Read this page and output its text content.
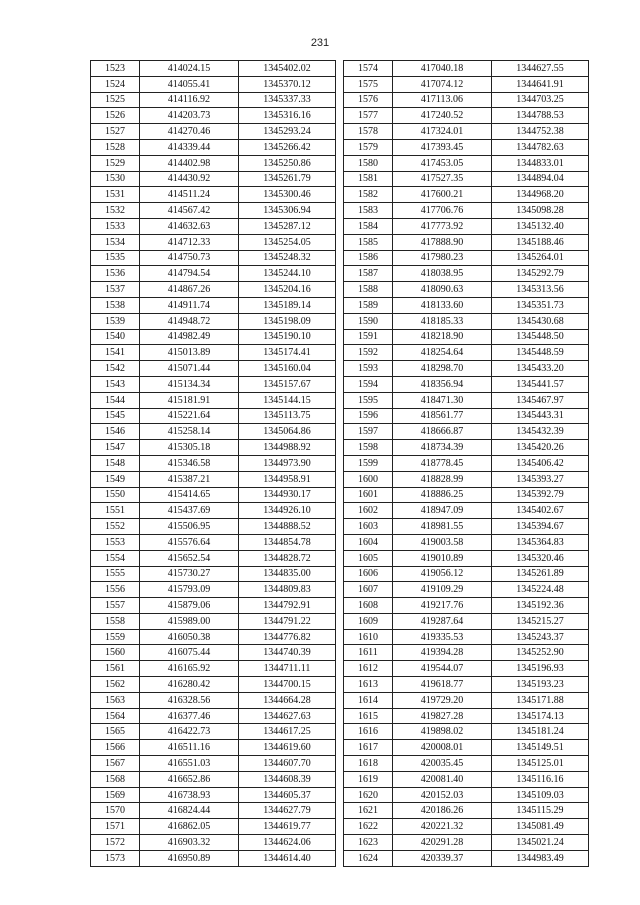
231
1523	414024.15	1345402.02
1524	414055.41	1345370.12
1525	414116.92	1345337.33
1526	414203.73	1345316.16
1527	414270.46	1345293.24
1528	414339.44	1345266.42
1529	414402.98	1345250.86
1530	414430.92	1345261.79
1531	414511.24	1345300.46
1532	414567.42	1345306.94
1533	414632.63	1345287.12
1534	414712.33	1345254.05
1535	414750.73	1345248.32
1536	414794.54	1345244.10
1537	414867.26	1345204.16
1538	414911.74	1345189.14
1539	414948.72	1345198.09
1540	414982.49	1345190.10
1541	415013.89	1345174.41
1542	415071.44	1345160.04
1543	415134.34	1345157.67
1544	415181.91	1345144.15
1545	415221.64	1345113.75
1546	415258.14	1345064.86
1547	415305.18	1344988.92
1548	415346.58	1344973.90
1549	415387.21	1344958.91
1550	415414.65	1344930.17
1551	415437.69	1344926.10
1552	415506.95	1344888.52
1553	415576.64	1344854.78
1554	415652.54	1344828.72
1555	415730.27	1344835.00
1556	415793.09	1344809.83
1557	415879.06	1344792.91
1558	415989.00	1344791.22
1559	416050.38	1344776.82
1560	416075.44	1344740.39
1561	416165.92	1344711.11
1562	416280.42	1344700.15
1563	416328.56	1344664.28
1564	416377.46	1344627.63
1565	416422.73	1344617.25
1566	416511.16	1344619.60
1567	416551.03	1344607.70
1568	416652.86	1344608.39
1569	416738.93	1344605.37
1570	416824.44	1344627.79
1571	416862.05	1344619.77
1572	416903.32	1344624.06
1573	416950.89	1344614.40
1574	417040.18	1344627.55
1575	417074.12	1344641.91
1576	417113.06	1344703.25
1577	417240.52	1344788.53
1578	417324.01	1344752.38
1579	417393.45	1344782.63
1580	417453.05	1344833.01
1581	417527.35	1344894.04
1582	417600.21	1344968.20
1583	417706.76	1345098.28
1584	417773.92	1345132.40
1585	417888.90	1345188.46
1586	417980.23	1345264.01
1587	418038.95	1345292.79
1588	418090.63	1345313.56
1589	418133.60	1345351.73
1590	418185.33	1345430.68
1591	418218.90	1345448.50
1592	418254.64	1345448.59
1593	418298.70	1345433.20
1594	418356.94	1345441.57
1595	418471.30	1345467.97
1596	418561.77	1345443.31
1597	418666.87	1345432.39
1598	418734.39	1345420.26
1599	418778.45	1345406.42
1600	418828.99	1345393.27
1601	418886.25	1345392.79
1602	418947.09	1345402.67
1603	418981.55	1345394.67
1604	419003.58	1345364.83
1605	419010.89	1345320.46
1606	419056.12	1345261.89
1607	419109.29	1345224.48
1608	419217.76	1345192.36
1609	419287.64	1345215.27
1610	419335.53	1345243.37
1611	419394.28	1345252.90
1612	419544.07	1345196.93
1613	419618.77	1345193.23
1614	419729.20	1345171.88
1615	419827.28	1345174.13
1616	419898.02	1345181.24
1617	420008.01	1345149.51
1618	420035.45	1345125.01
1619	420081.40	1345116.16
1620	420152.03	1345109.03
1621	420186.26	1345115.29
1622	420221.32	1345081.49
1623	420291.28	1345021.24
1624	420339.37	1344983.49
